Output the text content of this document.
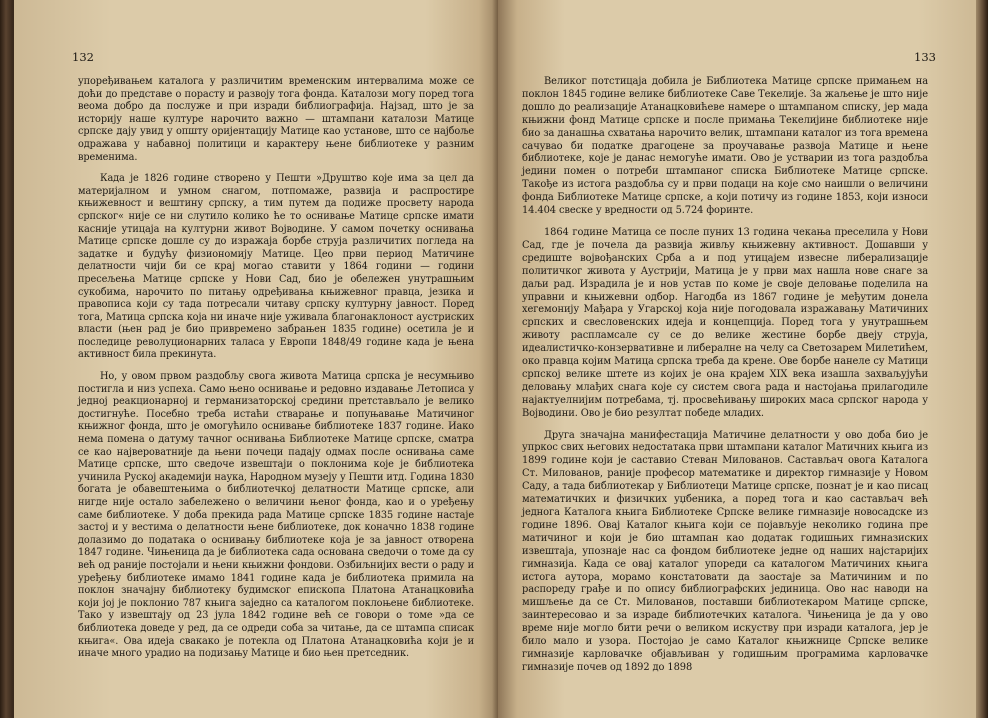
132

упоређивањем каталога у различитим временским интервалима може се доћи до представе о порасту и развоју тога фонда. Каталози могу поред тога веома добро да послуже и при изради библиографија. Најзад, што је за историју наше културе нарочито важно — штампани каталози Матице српске дају увид у општу оријентацију Матице као установе, што се најбоље одражава у набавној политици и карактеру њене библиотеке у разним временима.

Када је 1826 године створено у Пешти »Друштво које има за цел да материјалном и умном снагом, потпомаже, развија и распростире књижевност и вештину српску, а тим путем да подиже просвету народа српског« није се ни слутило колико ће то оснивање Матице српске имати касније утицаја на културни живот Војводине. У самом почетку оснивања Матице српске дошле су до изражаја борбе струја различитих погледа на задатке и будућу физиономију Матице. Цео први период Матичине делатности чији би се крај могао ставити у 1864 години — години пресељења Матице српске у Нови Сад, био је обележен унутрашњим сукобима, нарочито по питању одређивања књижевног правца, језика и правописа који су тада потресали читаву српску културну јавност. Поред тога, Матица српска која ни иначе није уживала благонаклоност аустриских власти (њен рад је био привремено забрањен 1835 године) осетила је и последице револуционарних таласа у Европи 1848/49 године када је њена активност била прекинута.

Но, у овом првом раздобљу свога живота Матица српска је несумњиво постигла и низ успеха. Само њено оснивање и редовно издавање Летописа у једној реакционарној и германизаторској средини претстављало је велико достигнуће. Посебно треба истаћи стварање и попуњавање Матичиног књижног фонда, што је омогућило оснивање библиотеке 1837 године. Иако нема помена о датуму тачног оснивања Библиотеке Матице српске, сматра се као највероватније да њени почеци падају одмах после оснивања саме Матице српске, што сведоче извештаји о поклонима које је библиотека учинила Руској академији наука, Народном музеју у Пешти итд. Година 1830 богата је обавештењима о библиотечкој делатности Матице српске, али нигде није остало забележено о величини њеног фонда, као и о уређењу саме библиотеке. У доба прекида рада Матице српске 1835 године настаје застој и у вестима о делатности њене библиотеке, док коначно 1838 године долазимо до података о оснивању библиотеке која је за јавност отворена 1847 године. Чињеница да је библиотека сада основана сведочи о томе да су већ од раније постојали и њени књижни фондови. Озбиљнијих вести о раду и уређењу библиотеке имамо 1841 године када је библиотека примила на поклон значајну библиотеку будимског епископа Платона Атанацковића који јој је поклонио 787 књига заједно са каталогом поклоњене библиотеке. Тако у извештају од 23 јула 1842 године већ се говори о томе »да се библиотека доведе у ред, да се одреди соба за читање, да се штампа списак књига«. Ова идеја свакако је потекла од Платона Атанацковића који је и иначе много урадио на подизању Матице и био њен претседник.

133

Великог потстицаја добила је Библиотека Матице српске примањем на поклон 1845 године велике библиотеке Саве Текелије. За жаљење је што није дошло до реализације Атанацковићеве намере о штампаном списку, јер мада књижни фонд Матице српске и после примања Текелијине библиотеке није био за данашња схватања нарочито велик, штампани каталог из тога времена сачувао би податке драгоцене за проучавање развоја Матице и њене библиотеке, које је данас немогуће имати. Ово је устварии из тога раздобља једини помен о потреби штампаног списка Библиотеке Матице српске. Такође из истога раздобља су и први подаци на које смо наишли о величини фонда Библиотеке Матице српске, а који потичу из године 1853, који износи 14.404 свеске у вредности од 5.724 форинте.

1864 године Матица се после пуних 13 година чекања преселила у Нови Сад, где је почела да развија живљу књижевну активност. Дошавши у средиште војвођанских Срба а и под утицајем извесне либерализације политичког живота у Аустрији, Матица је у први мах нашла нове снаге за даљи рад. Израдила је и нов устав по коме је своје деловање поделила на управни и књижевни одбор. Нагодба из 1867 године је међутим донела хегемонију Мађара у Угарској која није погодовала изражавању Матичиних српских и свесловенских идеја и концепција. Поред тога у унутрашњем животу распламсале су се до велике жестине борбе двеју струја, идеалистичко-конзервативне и либералне на челу са Светозарем Милетићем, око правца којим Матица српска треба да крене. Ове борбе нанеле су Матици српској велике штете из којих је она крајем XIX века изашла захваљујући деловању млађих снага које су систем свога рада и настојања прилагодиле најактуелнијим потребама, тј. просвећивању широких маса српског народа у Војводини. Ово је био резултат победе младих.

Друга значајна манифестација Матичине делатности у ово доба био је упркос свих његових недостатака први штампани каталог Матичних књига из 1899 године који је саставио Стеван Милованов. Састављач овога Каталога Ст. Милованов, раније професор математике и директор гимназије у Новом Саду, а тада библиотекар у Библиотеци Матице српске, познат је и као писац математичких и физичких уџбеника, а поред тога и као састављач већ једнога Каталога књига Библиотеке Српске велике гимназије новосадске из године 1896. Овај Каталог књига који се појављује неколико година пре матичиног и који је био штампан као додатак годишњих гимназиских извештаја, упознаје нас са фондом библиотеке једне од наших најстаријих гимназија. Када се овај каталог упореди са каталогом Матичиних књига истога аутора, морамо констатовати да заостаје за Матичиним и по распореду грађе и по опису библиографских јединица. Ово нас наводи на мишљење да се Ст. Милованов, поставши библиотекаром Матице српске, заинтересовао и за израде библиотечких каталога. Чињеница је да у ово време није могло бити речи о великом искуству при изради каталога, јер је било мало и узора. Постојао је само Каталог књижнице Српске велике гимназије карловачке објављиван у годишњим програмима карловачке гимназије почев од 1892 до 1898
